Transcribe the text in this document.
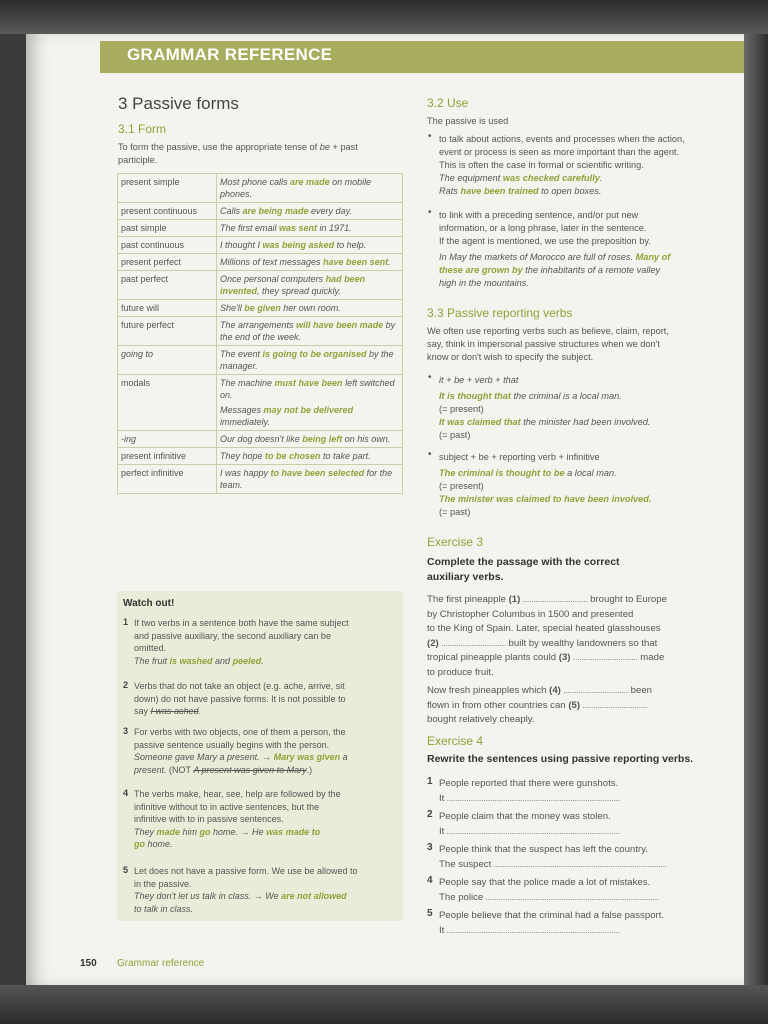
GRAMMAR REFERENCE
3 Passive forms
3.1 Form
To form the passive, use the appropriate tense of be + past
participle.
present simple	Most phone calls are made on mobile phones.
present continuous	Calls are being made every day.
past simple	The first email was sent in 1971.
past continuous	I thought I was being asked to help.
present perfect	Millions of text messages have been sent.
past perfect	Once personal computers had been invented, they spread quickly.
future will	She'll be given her own room.
future perfect	The arrangements will have been made by the end of the week.
going to	The event is going to be organised by the manager.
modals	The machine must have been left switched on.
Messages may not be delivered immediately.

-ing	Our dog doesn't like being left on his own.
present infinitive	They hope to be chosen to take part.
perfect infinitive	I was happy to have been selected for the team.
Watch out!
1 If two verbs in a sentence both have the same subject
and passive auxiliary, the second auxiliary can be
omitted.
The fruit is washed and peeled.
2 Verbs that do not take an object (e.g. ache, arrive, sit
down) do not have passive forms. It is not possible to
say I was ached.
3 For verbs with two objects, one of them a person, the
passive sentence usually begins with the person.
Someone gave Mary a present. → Mary was given a
present. (NOT A present was given to Mary.)
4 The verbs make, hear, see, help are followed by the
infinitive without to in active sentences, but the
infinitive with to in passive sentences.
They made him go home. → He was made to
go home.
5 Let does not have a passive form. We use be allowed to
in the passive.
They don't let us talk in class. → We are not allowed
to talk in class.
3.2 Use
The passive is used
• to talk about actions, events and processes when the action,
event or process is seen as more important than the agent.
This is often the case in formal or scientific writing.
The equipment was checked carefully.
Rats have been trained to open boxes.
• to link with a preceding sentence, and/or put new
information, or a long phrase, later in the sentence.
If the agent is mentioned, we use the preposition by.
In May the markets of Morocco are full of roses. Many of
these are grown by the inhabitants of a remote valley
high in the mountains.
3.3 Passive reporting verbs
We often use reporting verbs such as believe, claim, report,
say, think in impersonal passive structures when we don't
know or don't wish to specify the subject.
• it + be + verb + that
It is thought that the criminal is a local man.
(= present)
It was claimed that the minister had been involved.
(= past)
• subject + be + reporting verb + infinitive
The criminal is thought to be a local man.
(= present)
The minister was claimed to have been involved.
(= past)
Exercise 3
Complete the passage with the correct
auxiliary verbs.
The first pineapple (1) .............................. brought to Europe
by Christopher Columbus in 1500 and presented
to the King of Spain. Later, special heated glasshouses
(2) .............................. built by wealthy landowners so that
tropical pineapple plants could (3) .............................. made
to produce fruit.
Now fresh pineapples which (4) .............................. been
flown in from other countries can (5) ..............................
bought relatively cheaply.
Exercise 4
Rewrite the sentences using passive reporting verbs.
1 People reported that there were gunshots.
It ................................................................................
2 People claim that the money was stolen.
It ................................................................................
3 People think that the suspect has left the country.
The suspect ................................................................................
4 People say that the police made a lot of mistakes.
The police ................................................................................
5 People believe that the criminal had a false passport.
It ................................................................................
150 Grammar reference
